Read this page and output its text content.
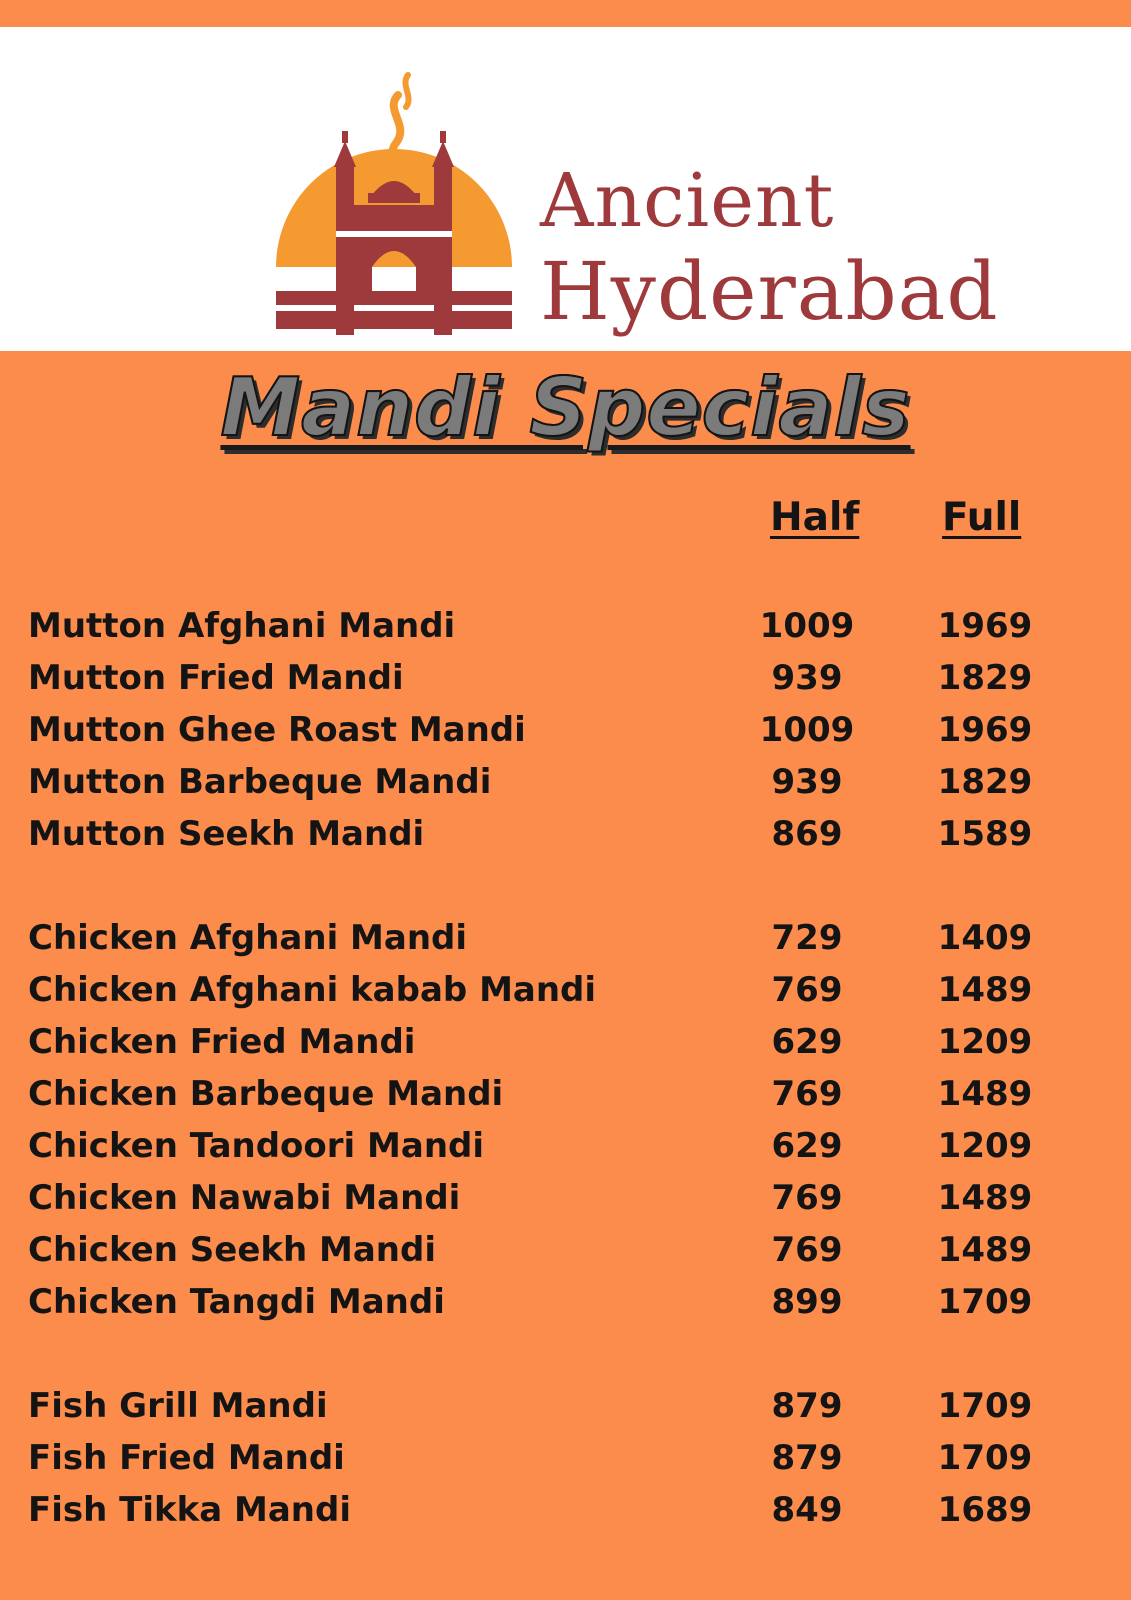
Ancient
Hyderabad
Mandi Specials
Half Full
Mutton Afghani Mandi	1009	1969
Mutton Fried Mandi	939	1829
Mutton Ghee Roast Mandi	1009	1969
Mutton Barbeque Mandi	939	1829
Mutton Seekh Mandi	869	1589
Chicken Afghani Mandi	729	1409
Chicken Afghani kabab Mandi	769	1489
Chicken Fried Mandi	629	1209
Chicken Barbeque Mandi	769	1489
Chicken Tandoori Mandi	629	1209
Chicken Nawabi Mandi	769	1489
Chicken Seekh Mandi	769	1489
Chicken Tangdi Mandi	899	1709
Fish Grill Mandi	879	1709
Fish Fried Mandi	879	1709
Fish Tikka Mandi	849	1689
